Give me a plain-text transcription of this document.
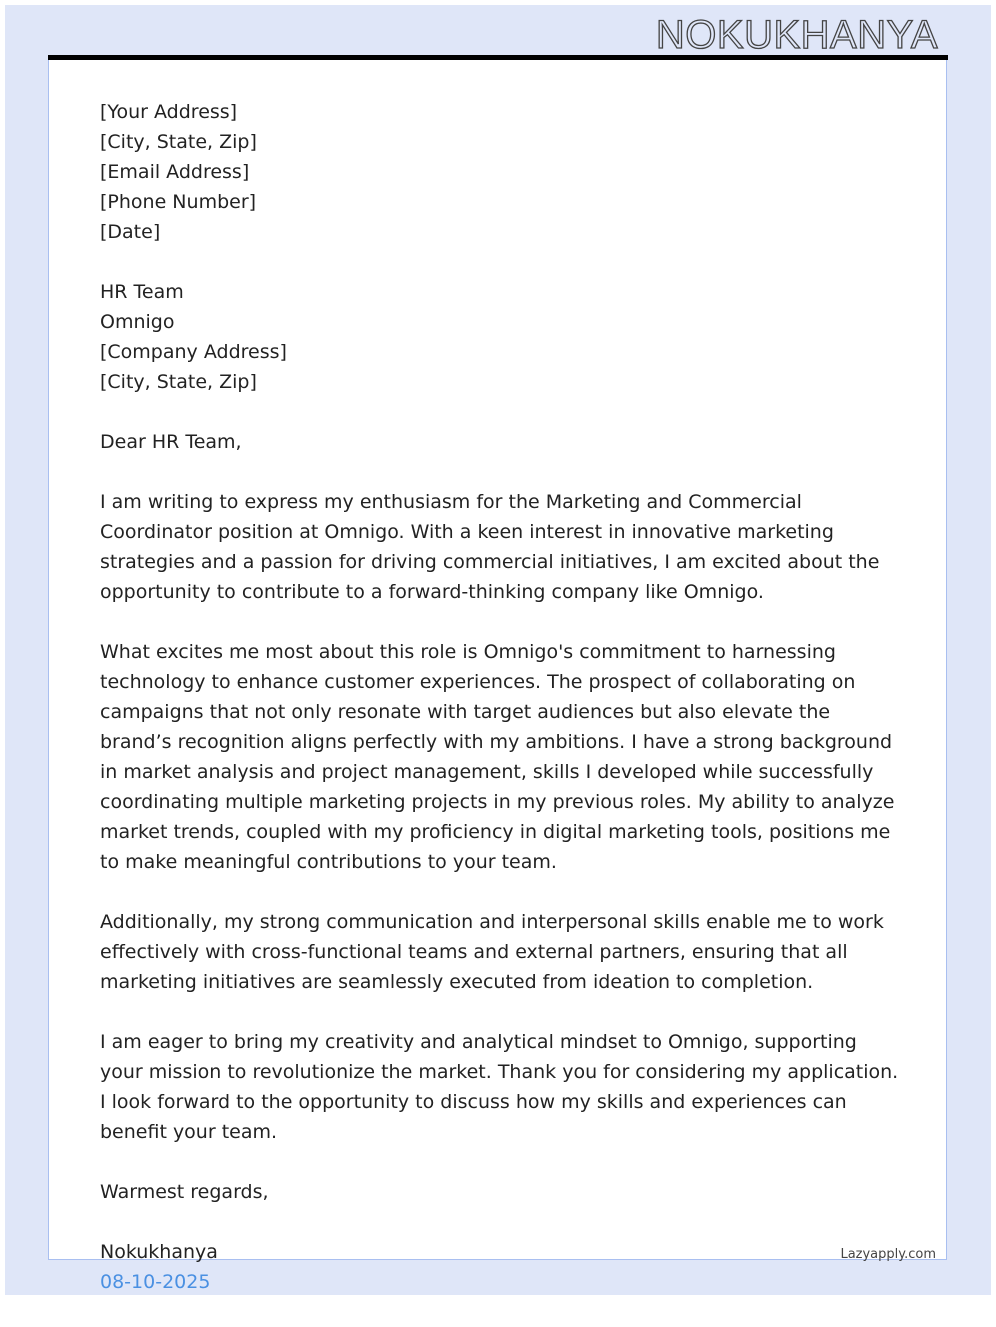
NOKUKHANYA

[Your Address]
[City, State, Zip]
[Email Address]
[Phone Number]
[Date]

HR Team
Omnigo
[Company Address]
[City, State, Zip]

Dear HR Team,

I am writing to express my enthusiasm for the Marketing and Commercial Coordinator position at Omnigo. With a keen interest in innovative marketing strategies and a passion for driving commercial initiatives, I am excited about the opportunity to contribute to a forward-thinking company like Omnigo.

What excites me most about this role is Omnigo's commitment to harnessing technology to enhance customer experiences. The prospect of collaborating on campaigns that not only resonate with target audiences but also elevate the brand’s recognition aligns perfectly with my ambitions. I have a strong background in market analysis and project management, skills I developed while successfully coordinating multiple marketing projects in my previous roles. My ability to analyze market trends, coupled with my proficiency in digital marketing tools, positions me to make meaningful contributions to your team.

Additionally, my strong communication and interpersonal skills enable me to work effectively with cross-functional teams and external partners, ensuring that all marketing initiatives are seamlessly executed from ideation to completion.

I am eager to bring my creativity and analytical mindset to Omnigo, supporting your mission to revolutionize the market. Thank you for considering my application. I look forward to the opportunity to discuss how my skills and experiences can benefit your team.

Warmest regards,

Nokukhanya
08-10-2025

Lazyapply.com
